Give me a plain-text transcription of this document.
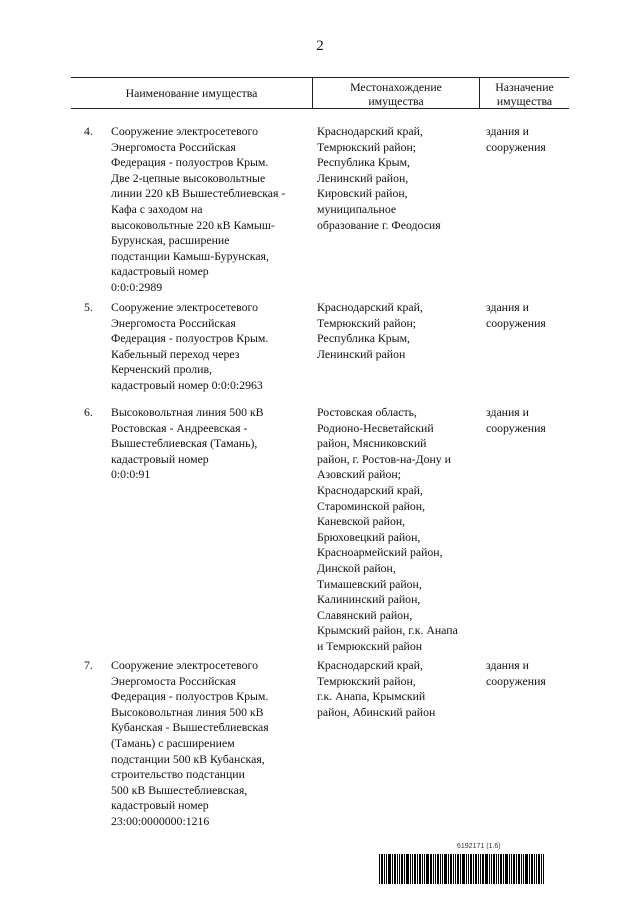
2
Наименование имущества	Местонахождение
имущества
Назначение
имущества
4. Сооружение электросетевого
Энергомоста Российская
Федерация - полуостров Крым.
Две 2-цепные высоковольтные
линии 220 кВ Вышестеблиевская -
Кафа с заходом на
высоковольтные 220 кВ Камыш-
Бурунская, расширение
подстанции Камыш-Бурунская,
кадастровый номер
0:0:0:2989
Краснодарский край,
Темрюкский район;
Республика Крым,
Ленинский район,
Кировский район,
муниципальное
образование г. Феодосия
здания и
сооружения
5. Сооружение электросетевого
Энергомоста Российская
Федерация - полуостров Крым.
Кабельный переход через
Керченский пролив,
кадастровый номер 0:0:0:2963
Краснодарский край,
Темрюкский район;
Республика Крым,
Ленинский район
здания и
сооружения
6. Высоковольтная линия 500 кВ
Ростовская - Андреевская -
Вышестеблиевская (Тамань),
кадастровый номер
0:0:0:91
Ростовская область,
Родионо-Несветайский
район, Мясниковский
район, г. Ростов-на-Дону и
Азовский район;
Краснодарский край,
Староминской район,
Каневской район,
Брюховецкий район,
Красноармейский район,
Динской район,
Тимашевский район,
Калининский район,
Славянский район,
Крымский район, г.к. Анапа
и Темрюкский район
здания и
сооружения
7. Сооружение электросетевого
Энергомоста Российская
Федерация - полуостров Крым.
Высоковольтная линия 500 кВ
Кубанская - Вышестеблиевская
(Тамань) с расширением
подстанции 500 кВ Кубанская,
строительство подстанции
500 кВ Вышестеблиевская,
кадастровый номер
23:00:0000000:1216
Краснодарский край,
Темрюкский район,
г.к. Анапа, Крымский
район, Абинский район
здания и
сооружения
6192171 (1.6)
